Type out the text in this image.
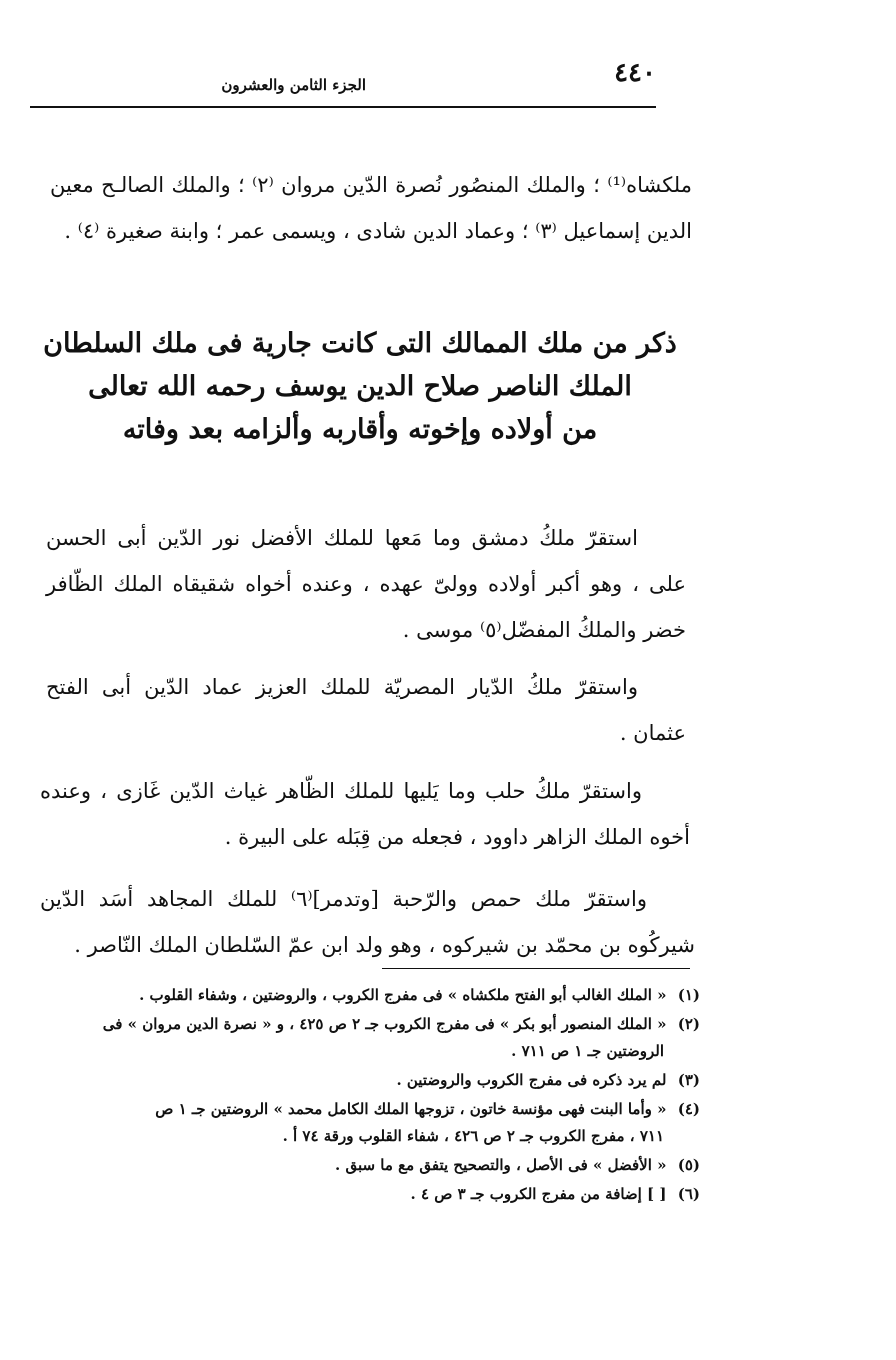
٤٤٠
الجزء الثامن والعشرون

ملكشاه⁽¹⁾ ؛ والملك المنصُور نُصرة الدّين مروان ⁽٢⁾ ؛ والملك الصالـح معين الدين إسماعيل ⁽٣⁾ ؛ وعماد الدين شادى ، ويسمى عمر ؛ وابنة صغيرة ⁽٤⁾ .

ذكر من ملك الممالك التى كانت جارية فى ملك السلطان
الملك الناصر صلاح الدين يوسف رحمه الله تعالى
من أولاده وإخوته وأقاربه وألزامه بعد وفاته

استقرّ ملكُ دمشق وما مَعها للملك الأفضل نور الدّين أبى الحسن على ، وهو أكبر أولاده وولىّ عهده ، وعنده أخواه شقيقاه الملك الظّافر خضر والملكُ المفضّل⁽٥⁾ موسى .

واستقرّ ملكُ الدّيار المصريّة للملك العزيز عماد الدّين أبى الفتح عثمان .

واستقرّ ملكُ حلب وما يَليها للملك الظّاهر غياث الدّين غَازى ، وعنده أخوه الملك الزاهر داوود ، فجعله من قِبَله على البيرة .

واستقرّ ملك حمص والرّحبة [وتدمر]⁽٦⁾ للملك المجاهد أسَد الدّين شيركُوه بن محمّد بن شيركوه ، وهو ولد ابن عمّ السّلطان الملك النّاصر .

(١) « الملك الغالب أبو الفتح ملكشاه » فى مفرج الكروب ، والروضتين ، وشفاء القلوب .
(٢) « الملك المنصور أبو بكر » فى مفرج الكروب جـ ٢ ص ٤٢٥ ، و « نصرة الدين مروان » فى
الروضتين جـ ١ ص ٧١١ .
(٣) لم يرد ذكره فى مفرج الكروب والروضتين .
(٤) « وأما البنت فهى مؤنسة خاتون ، تزوجها الملك الكامل محمد » الروضتين جـ ١ ص
٧١١ ، مفرج الكروب جـ ٢ ص ٤٢٦ ، شفاء القلوب ورقة ٧٤ أ .
(٥) « الأفضل » فى الأصل ، والتصحيح يتفق مع ما سبق .
(٦) [ ] إضافة من مفرج الكروب جـ ٣ ص ٤ .
